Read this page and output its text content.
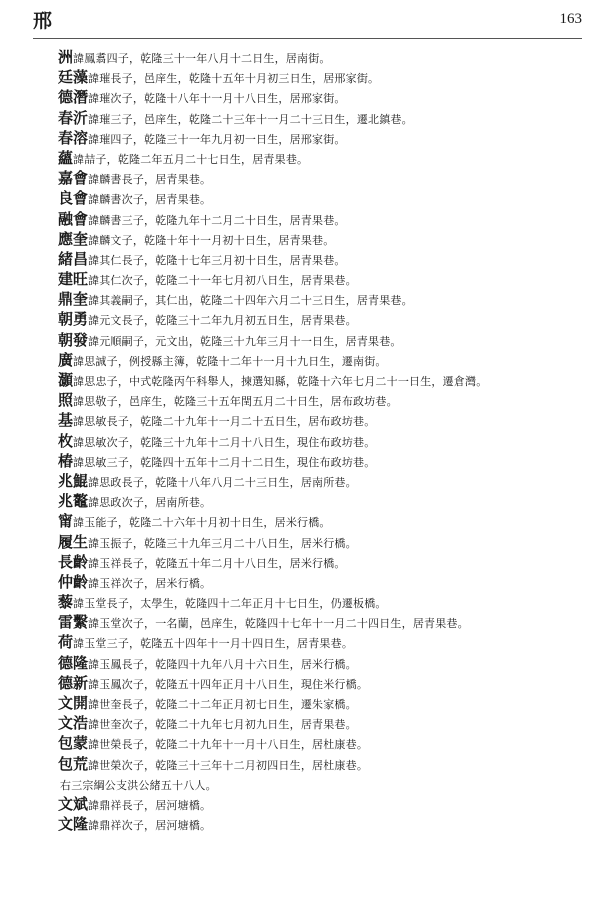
邢	163
洲諱鳳翥四子，乾隆三十一年八月十二日生，居南街。
廷藻諱璀長子，邑庠生，乾隆十五年十月初三日生，居邢家街。
德潛諱璀次子，乾隆十八年十一月十八日生，居邢家街。
春沂諱璀三子，邑庠生，乾隆二十三年十一月二十三日生，遷北鎮巷。
春溶諱璀四子，乾隆三十一年九月初一日生，居邢家街。
蘊諱喆子，乾隆二年五月二十七日生，居青果巷。
嘉會諱麟書長子，居青果巷。
良會諱麟書次子，居青果巷。
融會諱麟書三子，乾隆九年十二月二十日生，居青果巷。
應奎諱麟文子，乾隆十年十一月初十日生，居青果巷。
緒昌諱其仁長子，乾隆十七年三月初十日生，居青果巷。
建旺諱其仁次子，乾隆二十一年七月初八日生，居青果巷。
鼎奎諱其義嗣子，其仁出，乾隆二十四年六月二十三日生，居青果巷。
朝勇諱元文長子，乾隆三十二年九月初五日生，居青果巷。
朝發諱元順嗣子，元文出，乾隆三十九年三月十一日生，居青果巷。
廣諱思誠子，例授縣主簿，乾隆十二年十一月十九日生，遷南街。
灝諱思忠子，中式乾隆丙午科舉人，揀選知縣，乾隆十六年七月二十一日生，遷倉灣。
照諱思敬子，邑庠生，乾隆三十五年閏五月二十日生，居布政坊巷。
基諱思敏長子，乾隆二十九年十一月二十五日生，居布政坊巷。
枚諱思敏次子，乾隆三十九年十二月十八日生，現住布政坊巷。
椿諱思敏三子，乾隆四十五年十二月十二日生，現住布政坊巷。
兆鯤諱思政長子，乾隆十八年八月二十三日生，居南所巷。
兆鼇諱思政次子，居南所巷。
甯諱玉能子，乾隆二十六年十月初十日生，居米行橋。
履生諱玉振子，乾隆三十九年三月二十八日生，居米行橋。
長齡諱玉祥長子，乾隆五十年二月十八日生，居米行橋。
仲齡諱玉祥次子，居米行橋。
藜諱玉堂長子，太學生，乾隆四十二年正月十七日生，仍遷板橋。
雷繫諱玉堂次子，一名蘭，邑庠生，乾隆四十七年十一月二十四日生，居青果巷。
荷諱玉堂三子，乾隆五十四年十一月十四日生，居青果巷。
德隆諱玉鳳長子，乾隆四十九年八月十六日生，居米行橋。
德新諱玉鳳次子，乾隆五十四年正月十八日生，現住米行橋。
文開諱世奎長子，乾隆二十二年正月初七日生，遷朱家橋。
文浩諱世奎次子，乾隆二十九年七月初九日生，居青果巷。
包蒙諱世榮長子，乾隆二十九年十一月十八日生，居杜康巷。
包荒諱世榮次子，乾隆三十三年十二月初四日生，居杜康巷。
右三宗綱公支洪公緒五十八人。
文斌諱鼎祥長子，居河塘橋。
文隆諱鼎祥次子，居河塘橋。
